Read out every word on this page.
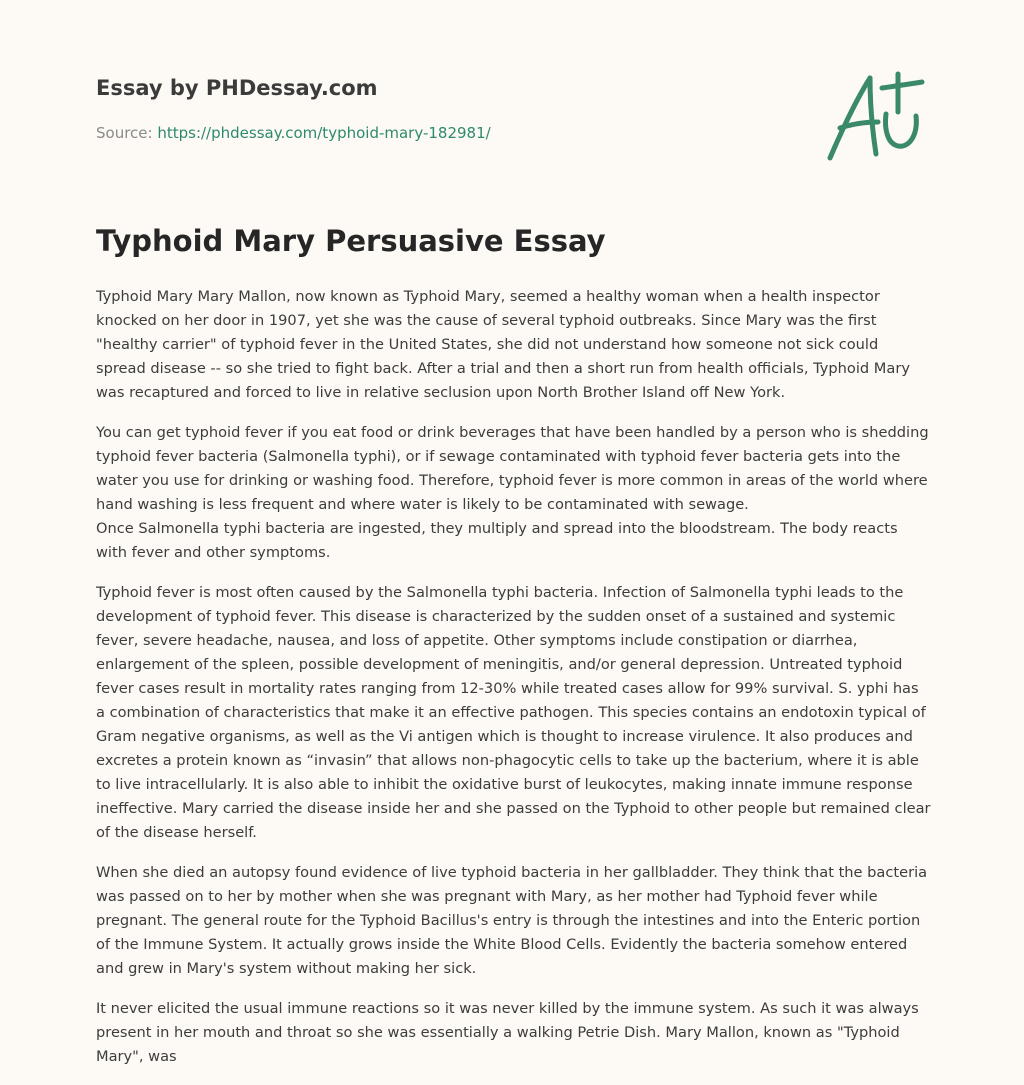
Essay by PHDessay.com

Source: https://phdessay.com/typhoid-mary-182981/

Typhoid Mary Persuasive Essay

Typhoid Mary Mary Mallon, now known as Typhoid Mary, seemed a healthy woman when a health inspector knocked on her door in 1907, yet she was the cause of several typhoid outbreaks. Since Mary was the first "healthy carrier" of typhoid fever in the United States, she did not understand how someone not sick could spread disease -- so she tried to fight back. After a trial and then a short run from health officials, Typhoid Mary was recaptured and forced to live in relative seclusion upon North Brother Island off New York.

You can get typhoid fever if you eat food or drink beverages that have been handled by a person who is shedding typhoid fever bacteria (Salmonella typhi), or if sewage contaminated with typhoid fever bacteria gets into the water you use for drinking or washing food. Therefore, typhoid fever is more common in areas of the world where hand washing is less frequent and where water is likely to be contaminated with sewage.
Once Salmonella typhi bacteria are ingested, they multiply and spread into the bloodstream. The body reacts with fever and other symptoms.

Typhoid fever is most often caused by the Salmonella typhi bacteria. Infection of Salmonella typhi leads to the development of typhoid fever. This disease is characterized by the sudden onset of a sustained and systemic fever, severe headache, nausea, and loss of appetite. Other symptoms include constipation or diarrhea, enlargement of the spleen, possible development of meningitis, and/or general depression. Untreated typhoid fever cases result in mortality rates ranging from 12-30% while treated cases allow for 99% survival. S. yphi has a combination of characteristics that make it an effective pathogen. This species contains an endotoxin typical of Gram negative organisms, as well as the Vi antigen which is thought to increase virulence. It also produces and excretes a protein known as “invasin” that allows non-phagocytic cells to take up the bacterium, where it is able to live intracellularly. It is also able to inhibit the oxidative burst of leukocytes, making innate immune response ineffective. Mary carried the disease inside her and she passed on the Typhoid to other people but remained clear of the disease herself.

When she died an autopsy found evidence of live typhoid bacteria in her gallbladder. They think that the bacteria was passed on to her by mother when she was pregnant with Mary, as her mother had Typhoid fever while pregnant. The general route for the Typhoid Bacillus's entry is through the intestines and into the Enteric portion of the Immune System. It actually grows inside the White Blood Cells. Evidently the bacteria somehow entered and grew in Mary's system without making her sick.

It never elicited the usual immune reactions so it was never killed by the immune system. As such it was always present in her mouth and throat so she was essentially a walking Petrie Dish. Mary Mallon, known as "Typhoid Mary", was
